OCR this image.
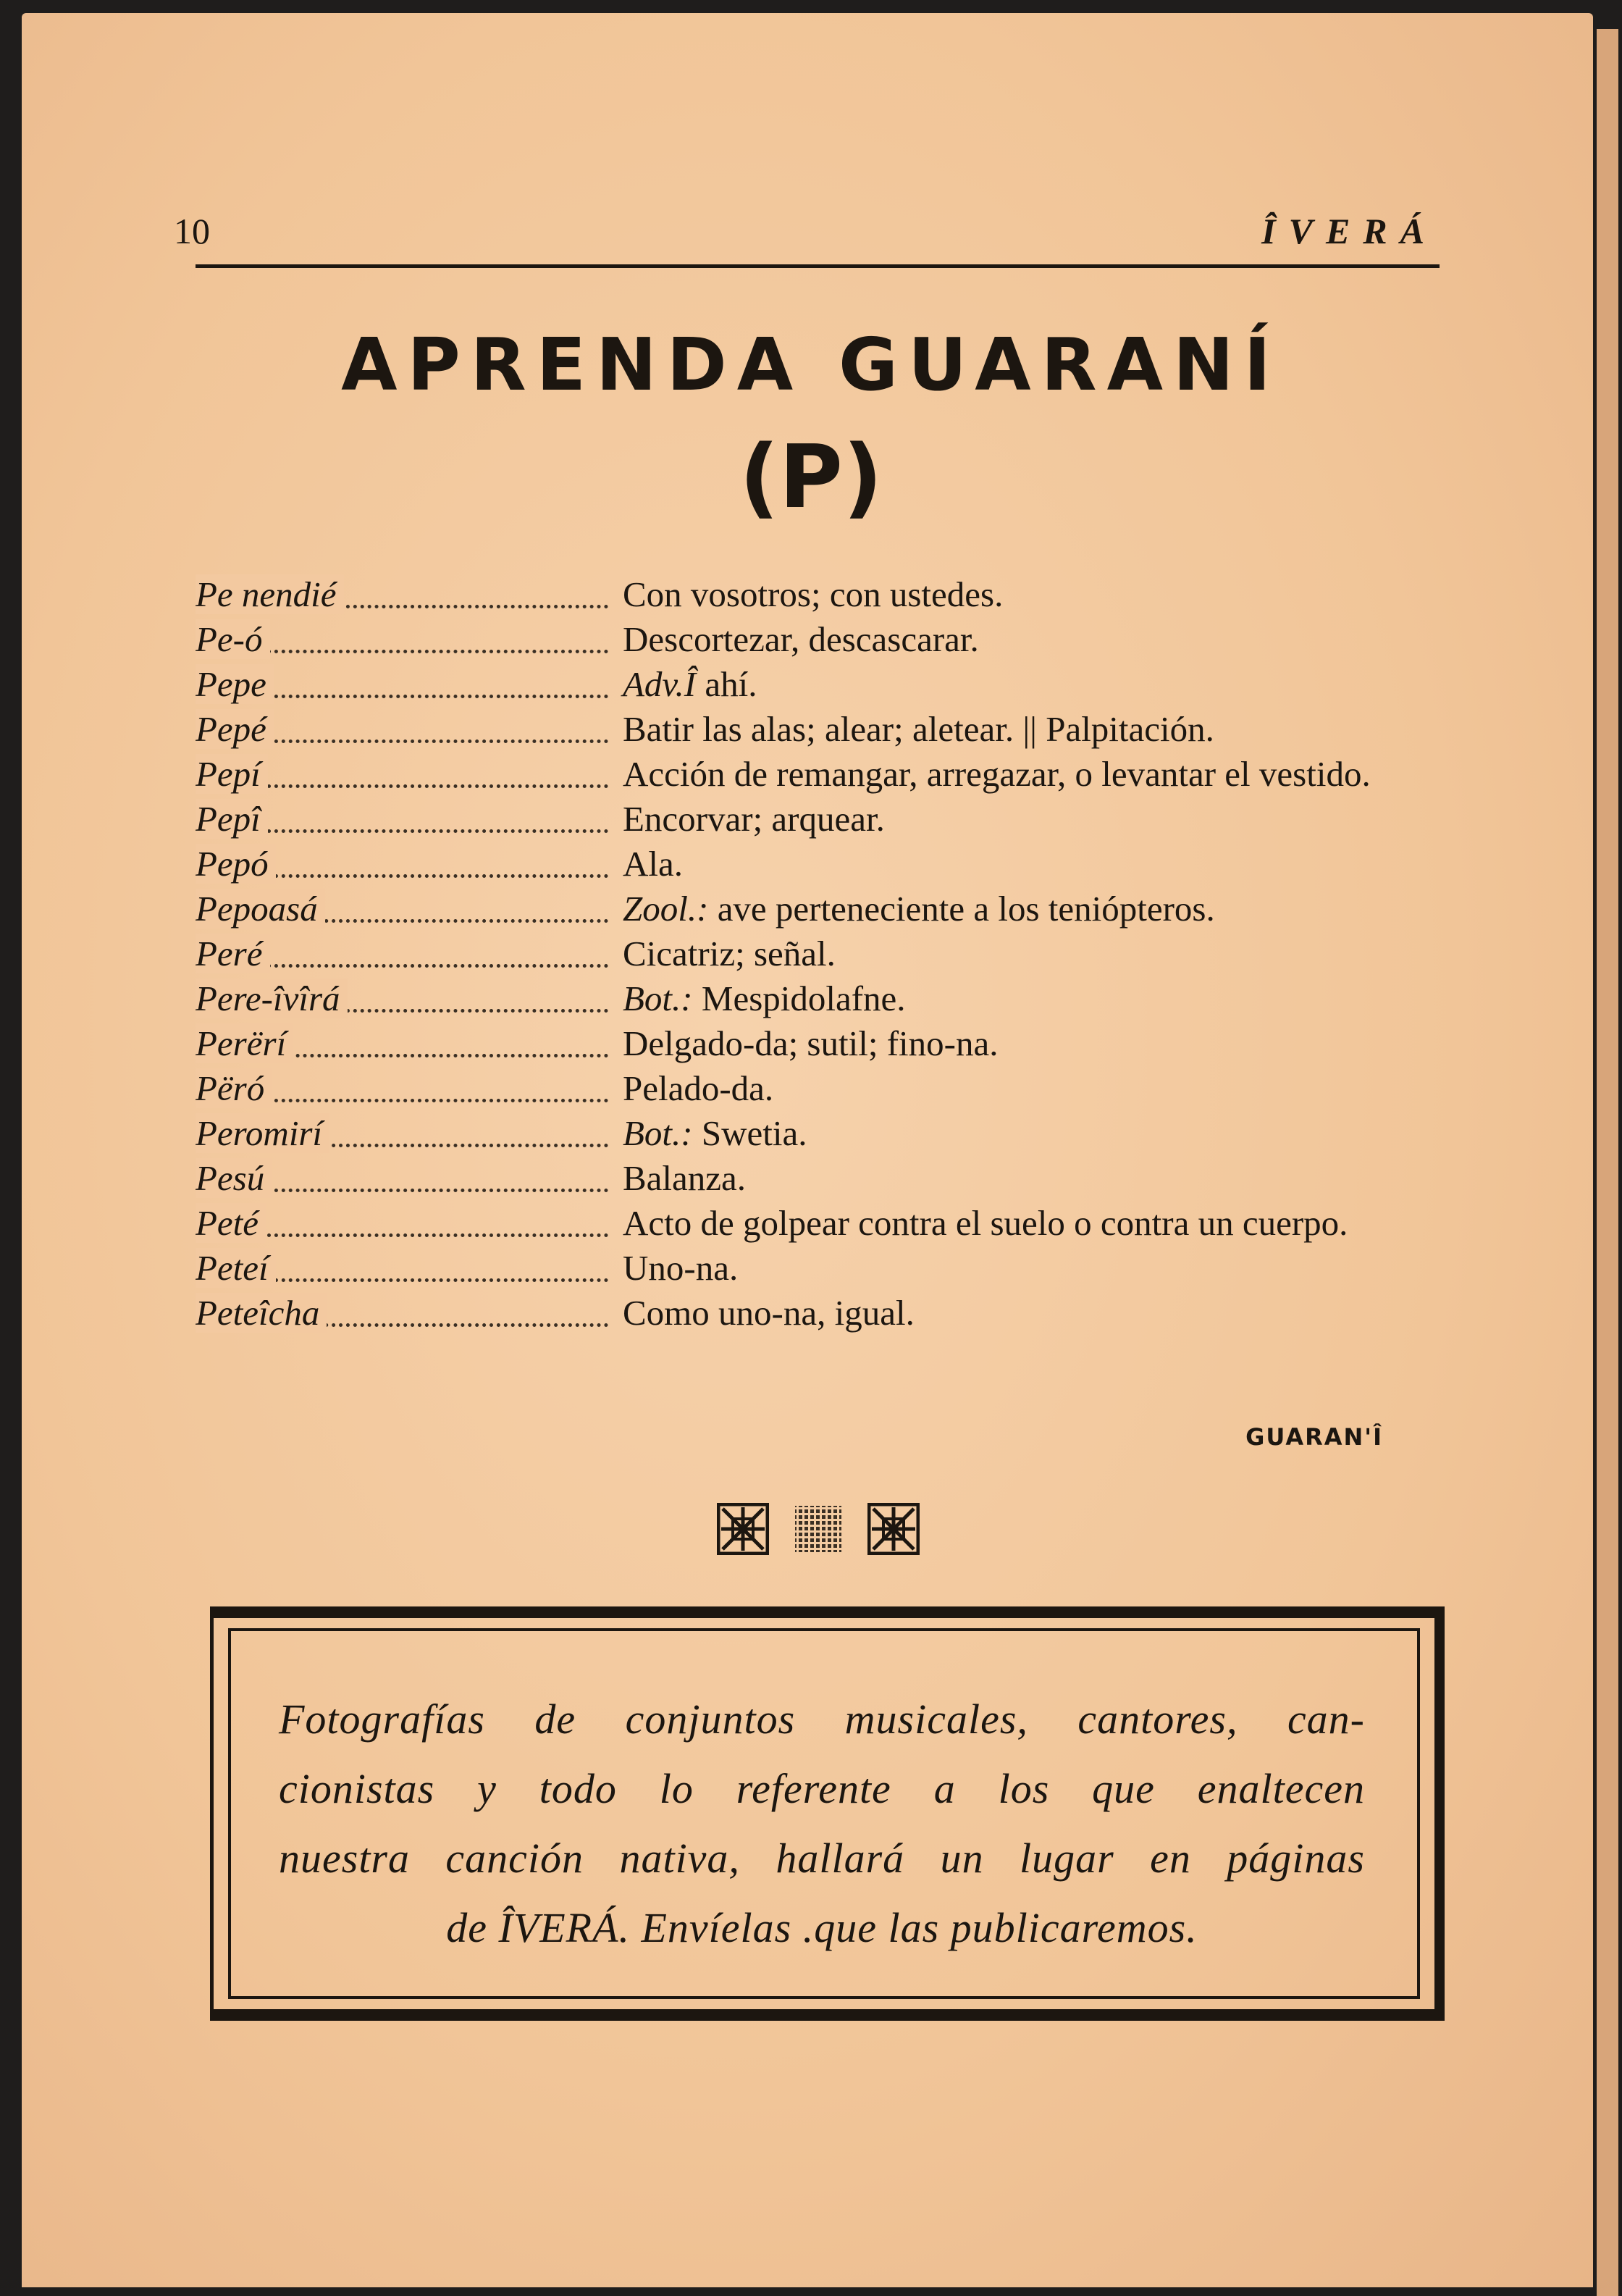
10	ÎVERÁ
APRENDA GUARANÍ
(P)
Pe nendié	Con vosotros; con ustedes.
Pe-ó	Descortezar, descascarar.
Pepe	Adv.Î ahí.
Pepé	Batir las alas; alear; aletear. || Palpitación.
Pepí	Acción de remangar, arregazar, o levantar el vestido.
Pepî	Encorvar; arquear.
Pepó	Ala.
Pepoasá	Zool.: ave perteneciente a los teniópteros.
Peré	Cicatriz; señal.
Pere-îvîrá	Bot.: Mespidolafne.
Perërí	Delgado-da; sutil; fino-na.
Përó	Pelado-da.
Peromirí	Bot.: Swetia.
Pesú	Balanza.
Peté	Acto de golpear contra el suelo o contra un cuerpo.
Peteí	Uno-na.
Peteîcha	Como uno-na, igual.
GUARAN'Î
Fotografías de conjuntos musicales, cantores, can-
cionistas y todo lo referente a los que enaltecen
nuestra canción nativa, hallará un lugar en páginas
de ÎVERÁ. Envíelas .que las publicaremos.
